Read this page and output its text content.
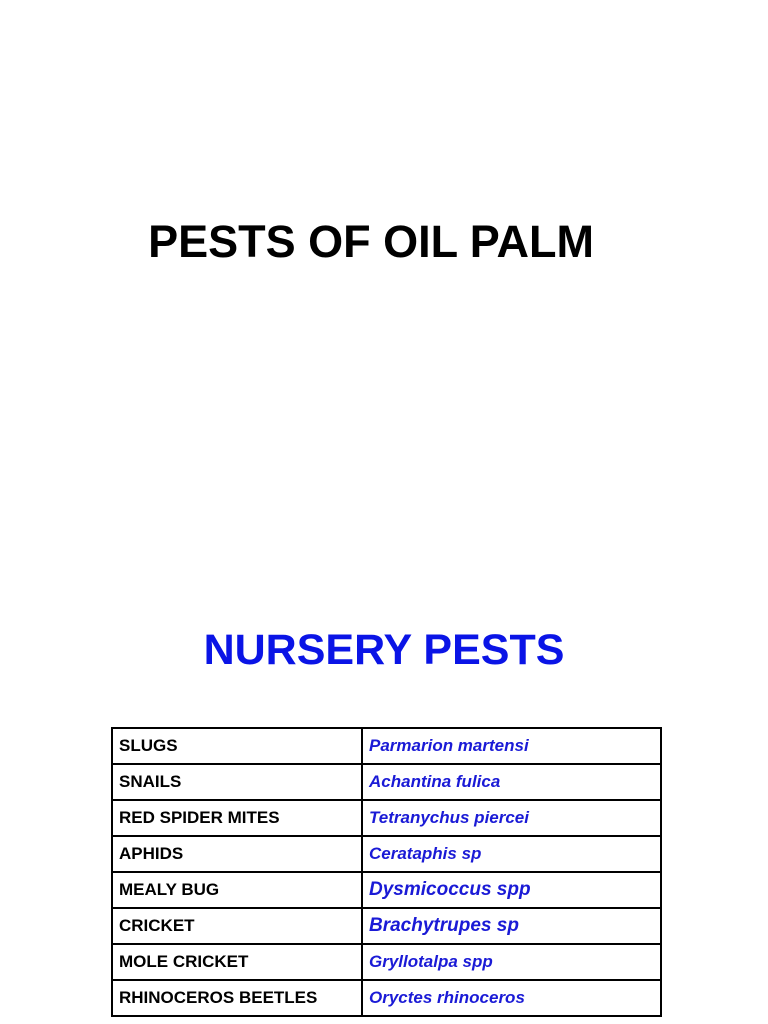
PESTS OF OIL PALM
NURSERY PESTS
SLUGS	Parmarion martensi
SNAILS	Achantina fulica
RED SPIDER MITES	Tetranychus piercei
APHIDS	Cerataphis sp
MEALY BUG	Dysmicoccus spp
CRICKET	Brachytrupes sp
MOLE CRICKET	Gryllotalpa spp
RHINOCEROS BEETLES	Oryctes rhinoceros
